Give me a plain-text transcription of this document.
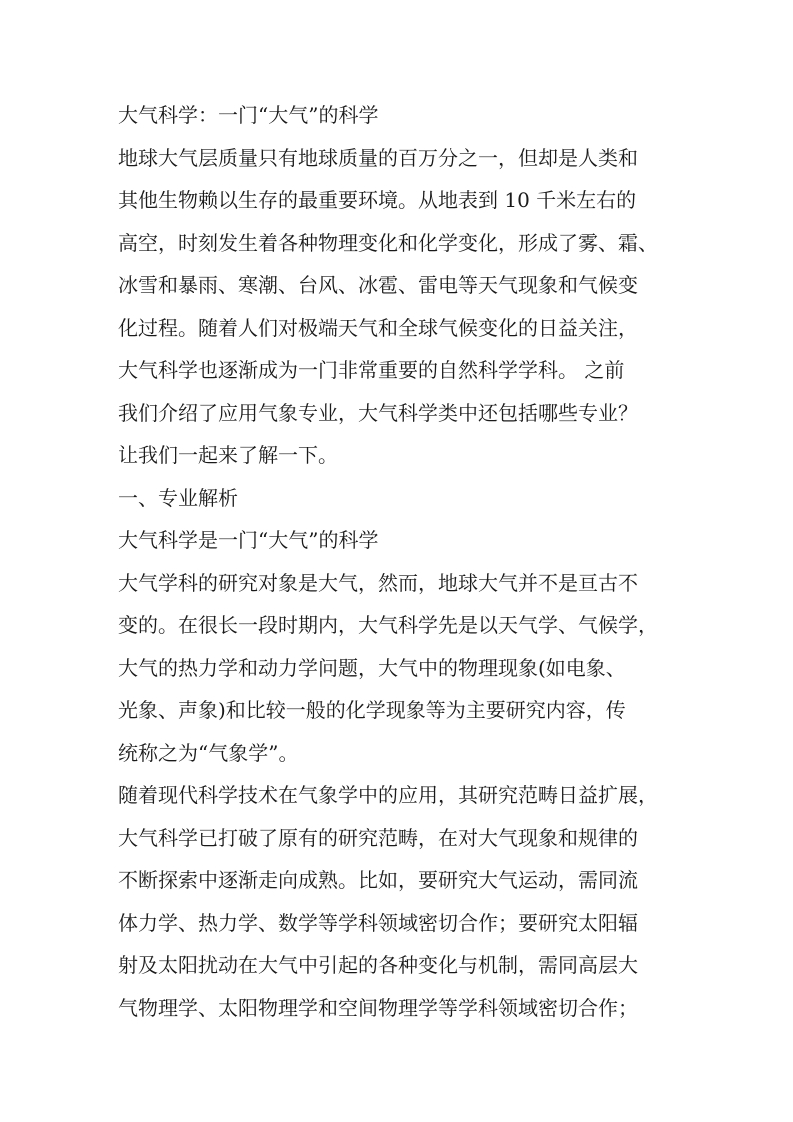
大气科学：一门“大气”的科学
地球大气层质量只有地球质量的百万分之一，但却是人类和
其他生物赖以生存的最重要环境。从地表到 10 千米左右的
高空，时刻发生着各种物理变化和化学变化，形成了雾、霜、
冰雪和暴雨、寒潮、台风、冰雹、雷电等天气现象和气候变
化过程。随着人们对极端天气和全球气候变化的日益关注，
大气科学也逐渐成为一门非常重要的自然科学学科。 之前
我们介绍了应用气象专业，大气科学类中还包括哪些专业？
让我们一起来了解一下。
一、专业解析
大气科学是一门“大气”的科学
大气学科的研究对象是大气，然而，地球大气并不是亘古不
变的。在很长一段时期内，大气科学先是以天气学、气候学，
大气的热力学和动力学问题，大气中的物理现象(如电象、
光象、声象)和比较一般的化学现象等为主要研究内容，传
统称之为“气象学”。
随着现代科学技术在气象学中的应用，其研究范畴日益扩展，
大气科学已打破了原有的研究范畴，在对大气现象和规律的
不断探索中逐渐走向成熟。比如，要研究大气运动，需同流
体力学、热力学、数学等学科领域密切合作；要研究太阳辐
射及太阳扰动在大气中引起的各种变化与机制，需同高层大
气物理学、太阳物理学和空间物理学等学科领域密切合作；
